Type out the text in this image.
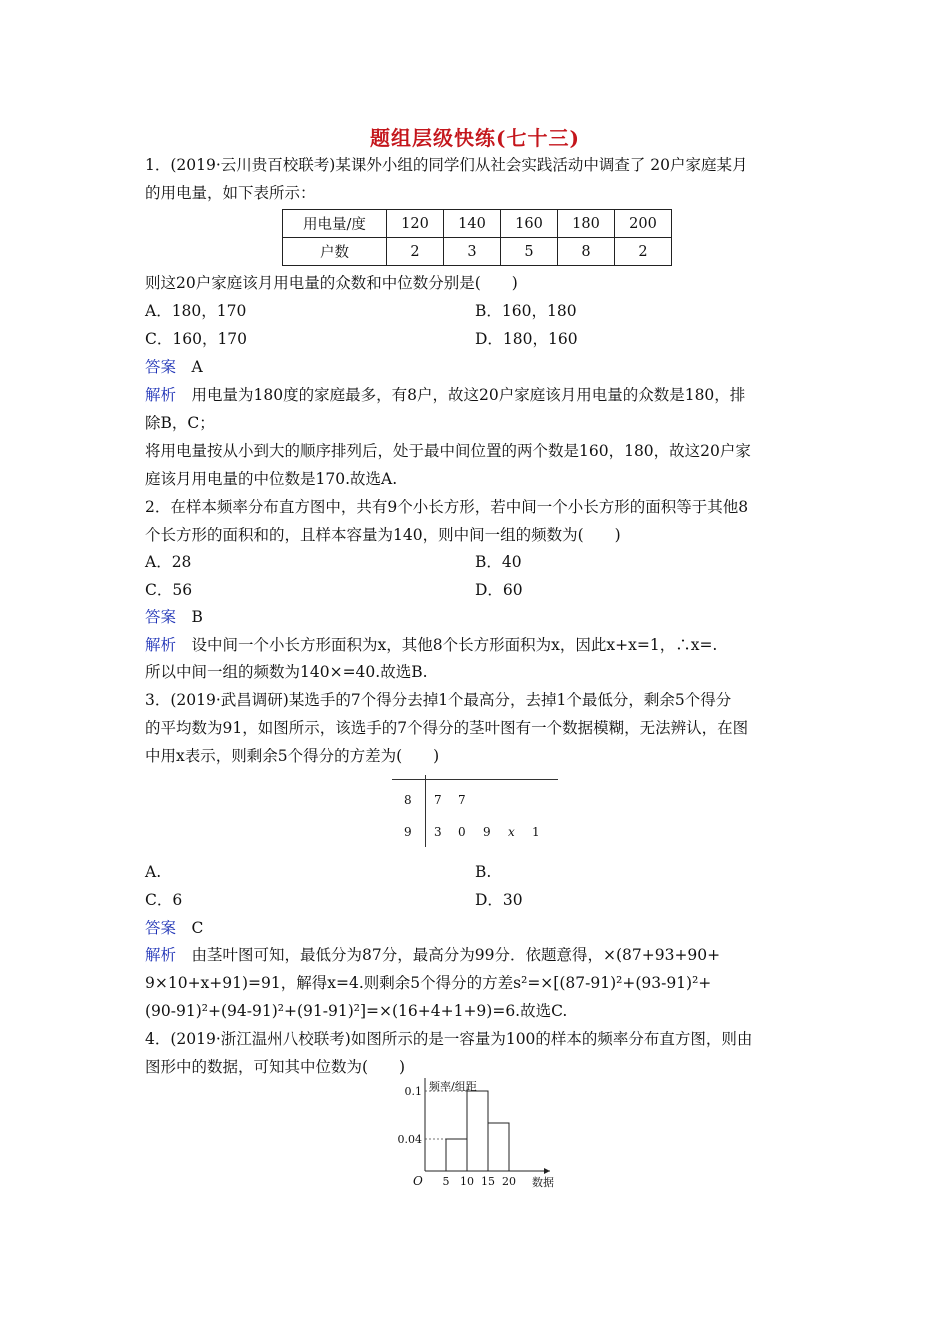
题组层级快练(七十三)
1．(2019·云川贵百校联考)某课外小组的同学们从社会实践活动中调查了 20户家庭某月
的用电量，如下表所示：
用电量/度	120	140	160	180	200
户数	2	3	5	8	2
则这20户家庭该月用电量的众数和中位数分别是(　　)
A．180，170	B．160，180
C．160，170	D．180，160
答案　 A
解析　 用电量为180度的家庭最多，有8户，故这20户家庭该月用电量的众数是180，排
除B，C；
将用电量按从小到大的顺序排列后，处于最中间位置的两个数是160，180，故这20户家
庭该月用电量的中位数是170.故选A.
2．在样本频率分布直方图中，共有9个小长方形，若中间一个小长方形的面积等于其他8
个长方形的面积和的，且样本容量为140，则中间一组的频数为(　　)
A．28	B．40
C．56	D．60
答案　 B
解析　 设中间一个小长方形面积为x，其他8个长方形面积为x，因此x+x=1，∴x=.
所以中间一组的频数为140×=40.故选B.
3．(2019·武昌调研)某选手的7个得分去掉1个最高分，去掉1个最低分，剩余5个得分
的平均数为91，如图所示，该选手的7个得分的茎叶图有一个数据模糊，无法辨认，在图
中用x表示，则剩余5个得分的方差为(　　)
8 7 7
9 3 0 9 x 1
A.	B.
C．6	D．30
答案　 C
解析　 由茎叶图可知，最低分为87分，最高分为99分．依题意得，×(87+93+90+
9×10+x+91)=91，解得x=4.则剩余5个得分的方差s²=×[(87-91)²+(93-91)²+
(90-91)²+(94-91)²+(91-91)²]=×(16+4+1+9)=6.故选C.
4．(2019·浙江温州八校联考)如图所示的是一容量为100的样本的频率分布直方图，则由
图形中的数据，可知其中位数为(　　)
5 10 15 20
0.1
0.04
O
频率/组距
数据
